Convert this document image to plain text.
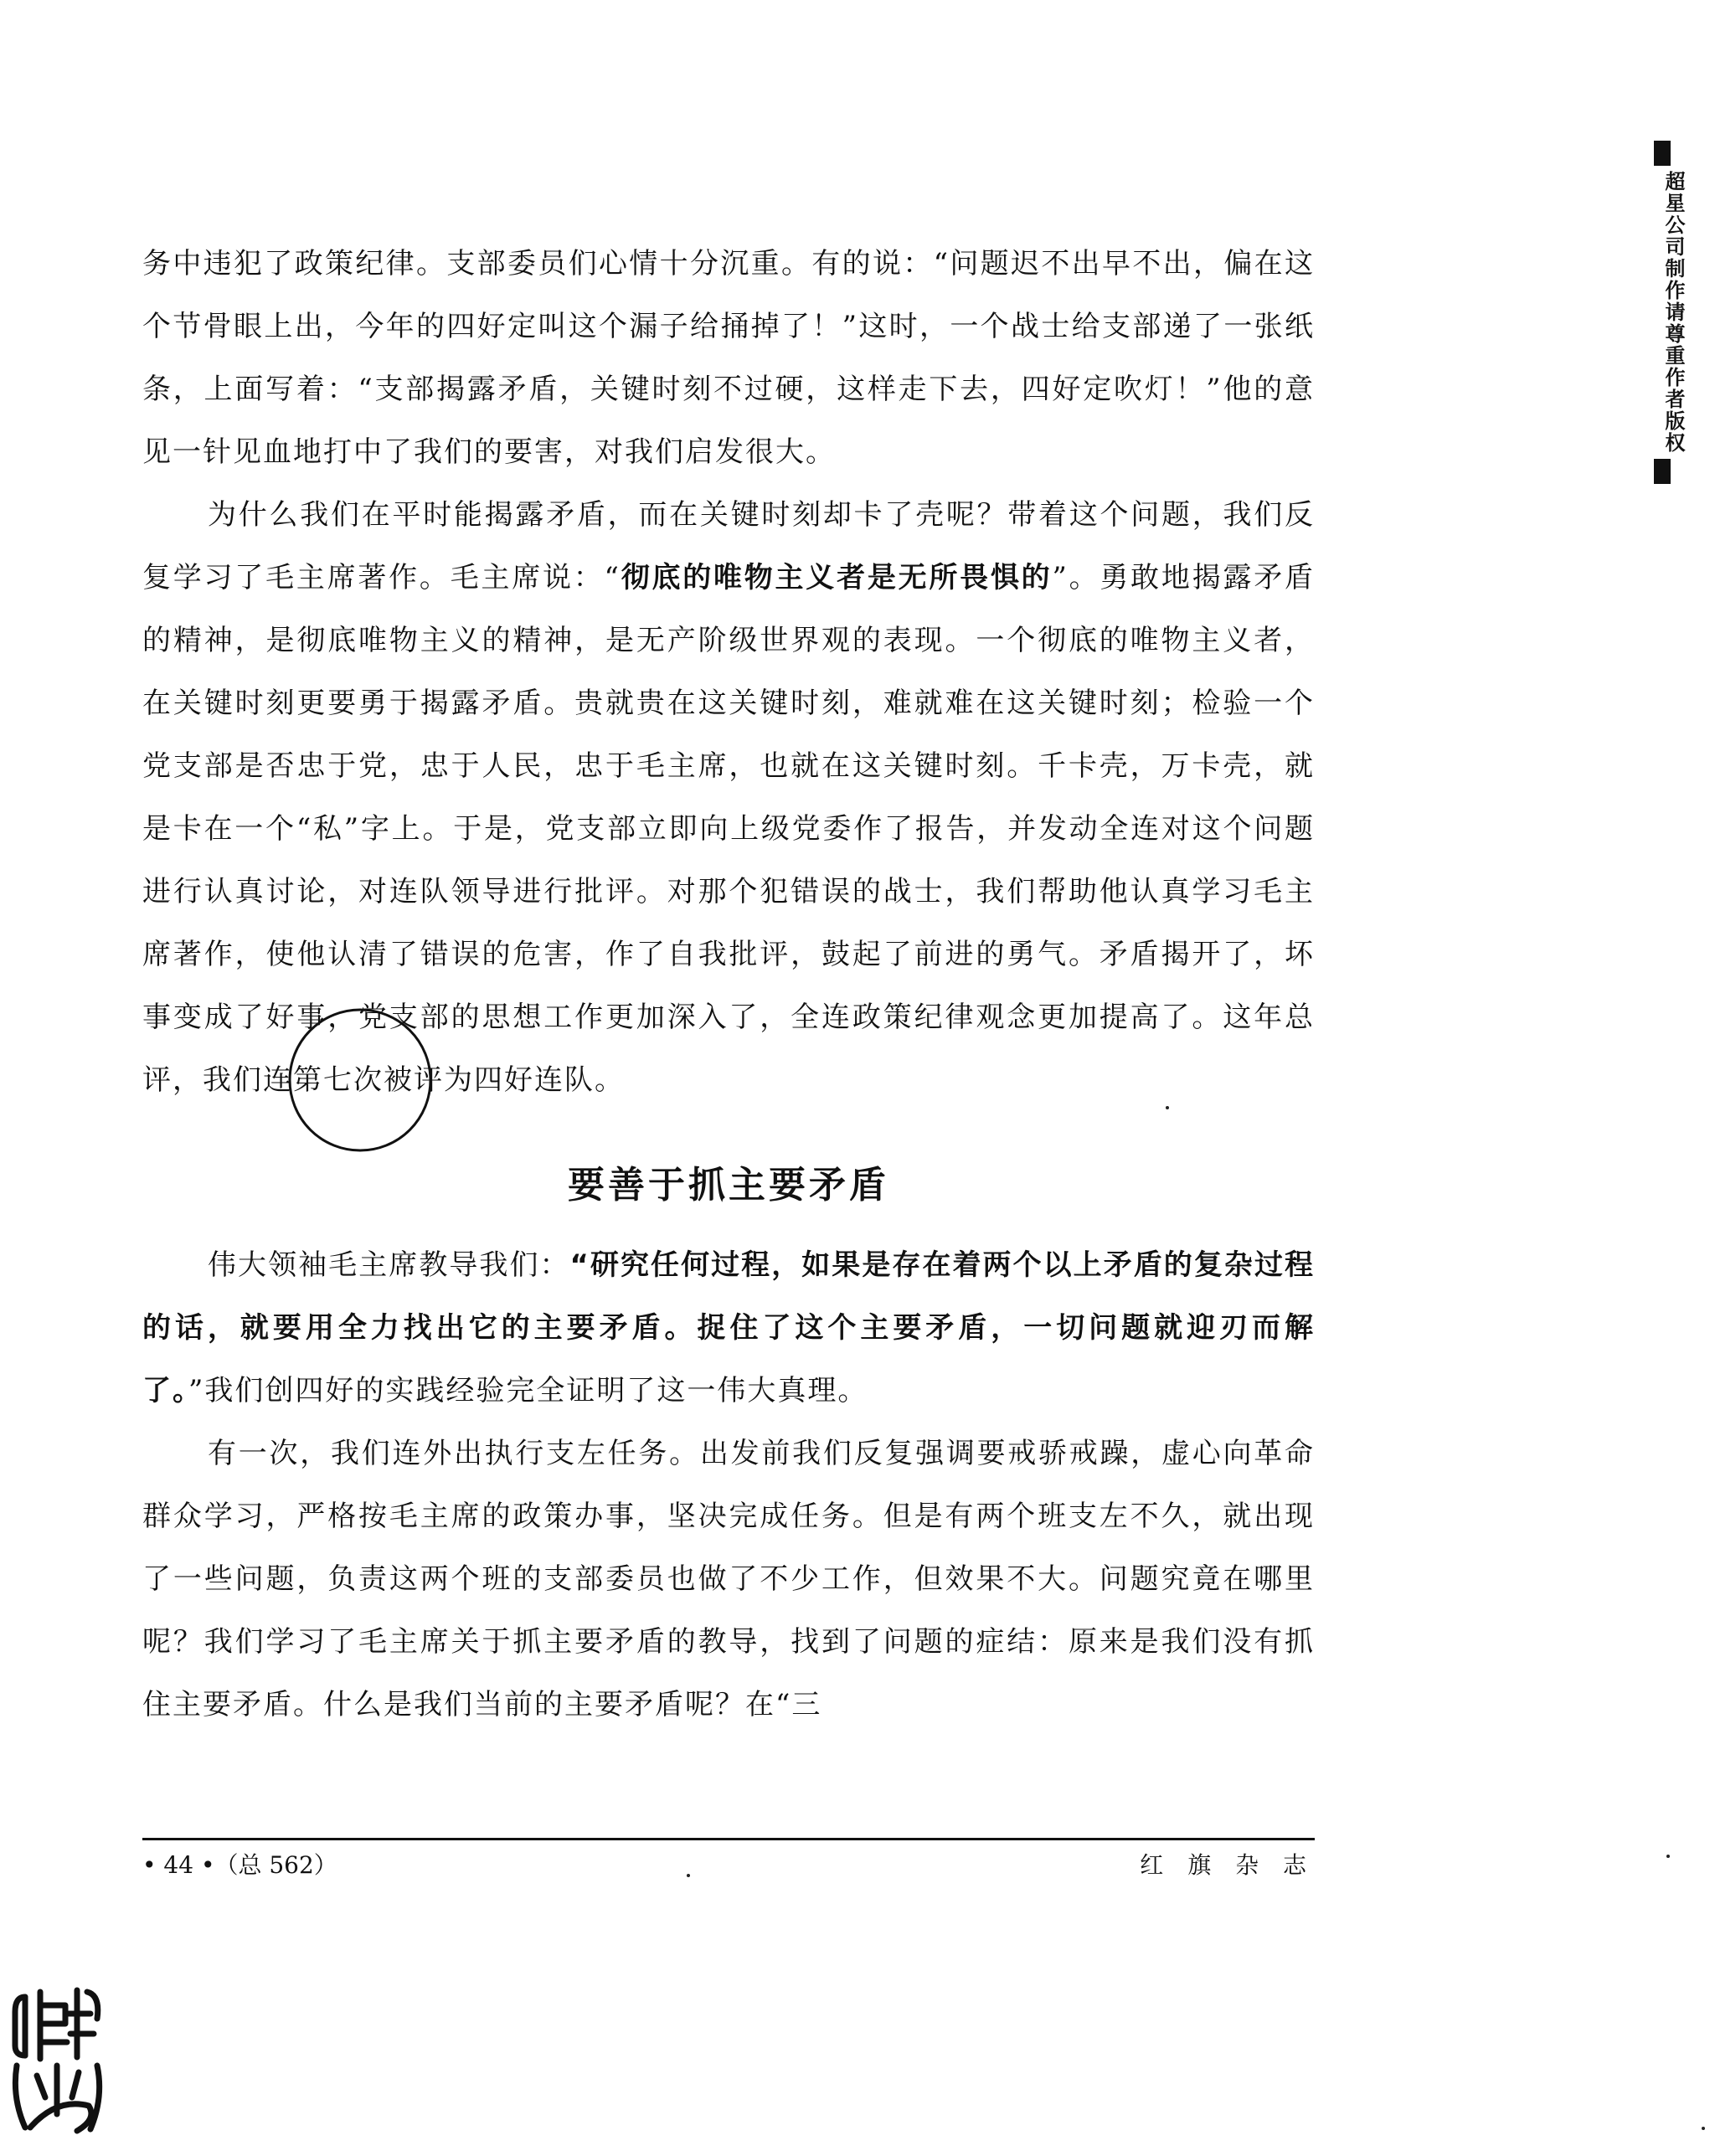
务中违犯了政策纪律。支部委员们心情十分沉重。有的说：“问题迟不出早不出，偏在这个节骨眼上出，今年的四好定叫这个漏子给捅掉了！”这时，一个战士给支部递了一张纸条，上面写着：“支部揭露矛盾，关键时刻不过硬，这样走下去，四好定吹灯！”他的意见一针见血地打中了我们的要害，对我们启发很大。

为什么我们在平时能揭露矛盾，而在关键时刻却卡了壳呢？带着这个问题，我们反复学习了毛主席著作。毛主席说：“彻底的唯物主义者是无所畏惧的”。勇敢地揭露矛盾的精神，是彻底唯物主义的精神，是无产阶级世界观的表现。一个彻底的唯物主义者，在关键时刻更要勇于揭露矛盾。贵就贵在这关键时刻，难就难在这关键时刻；检验一个党支部是否忠于党，忠于人民，忠于毛主席，也就在这关键时刻。千卡壳，万卡壳，就是卡在一个“私”字上。于是，党支部立即向上级党委作了报告，并发动全连对这个问题进行认真讨论，对连队领导进行批评。对那个犯错误的战士，我们帮助他认真学习毛主席著作，使他认清了错误的危害，作了自我批评，鼓起了前进的勇气。矛盾揭开了，坏事变成了好事，党支部的思想工作更加深入了，全连政策纪律观念更加提高了。这年总评，我们连第七次被评为四好连队。

要善于抓主要矛盾

伟大领袖毛主席教导我们：“研究任何过程，如果是存在着两个以上矛盾的复杂过程的话，就要用全力找出它的主要矛盾。捉住了这个主要矛盾，一切问题就迎刃而解了。”我们创四好的实践经验完全证明了这一伟大真理。

有一次，我们连外出执行支左任务。出发前我们反复强调要戒骄戒躁，虚心向革命群众学习，严格按毛主席的政策办事，坚决完成任务。但是有两个班支左不久，就出现了一些问题，负责这两个班的支部委员也做了不少工作，但效果不大。问题究竟在哪里呢？我们学习了毛主席关于抓主要矛盾的教导，找到了问题的症结：原来是我们没有抓住主要矛盾。什么是我们当前的主要矛盾呢？在“三

• 44 •（总 562）	红 旗 杂 志
超星公司制作请尊重作者版权
